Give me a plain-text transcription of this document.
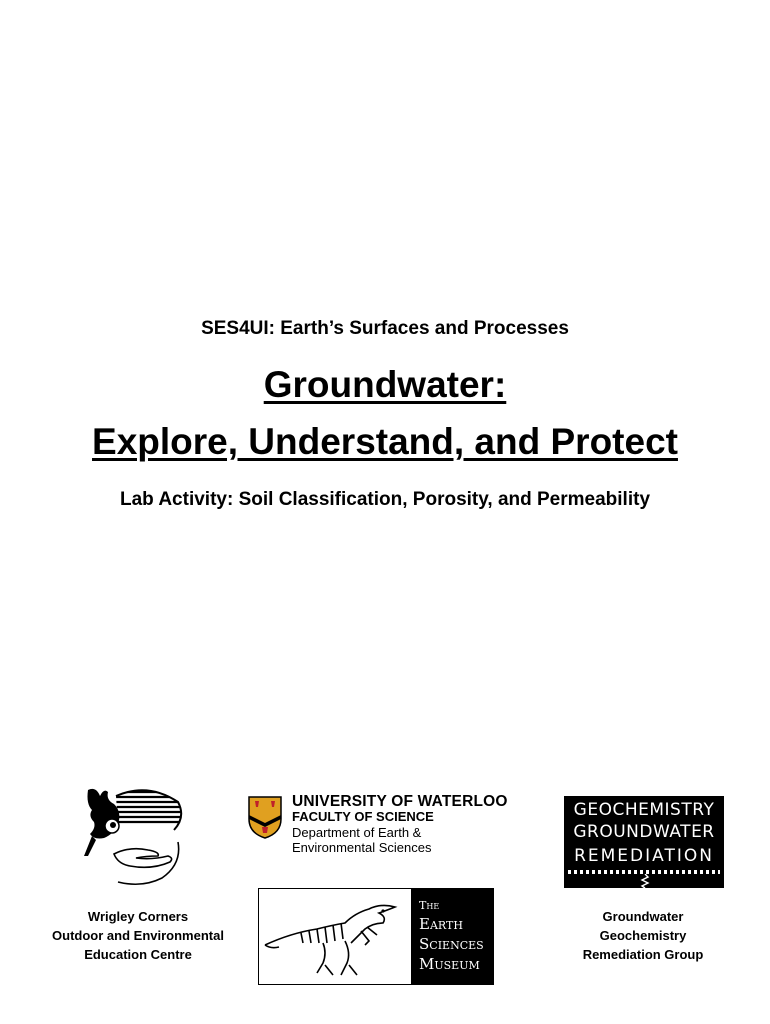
SES4UI: Earth’s Surfaces and Processes
Groundwater:
Explore, Understand, and Protect
Lab Activity: Soil Classification, Porosity, and Permeability
UNIVERSITY OF WATERLOO
FACULTY OF SCIENCE
Department of Earth &
Environmental Sciences
GEOCHEMISTRY
GROUNDWATER
REMEDIATION
The
Earth
Sciences
Museum
Wrigley Corners
Outdoor and Environmental
Education Centre
Groundwater
Geochemistry
Remediation Group
